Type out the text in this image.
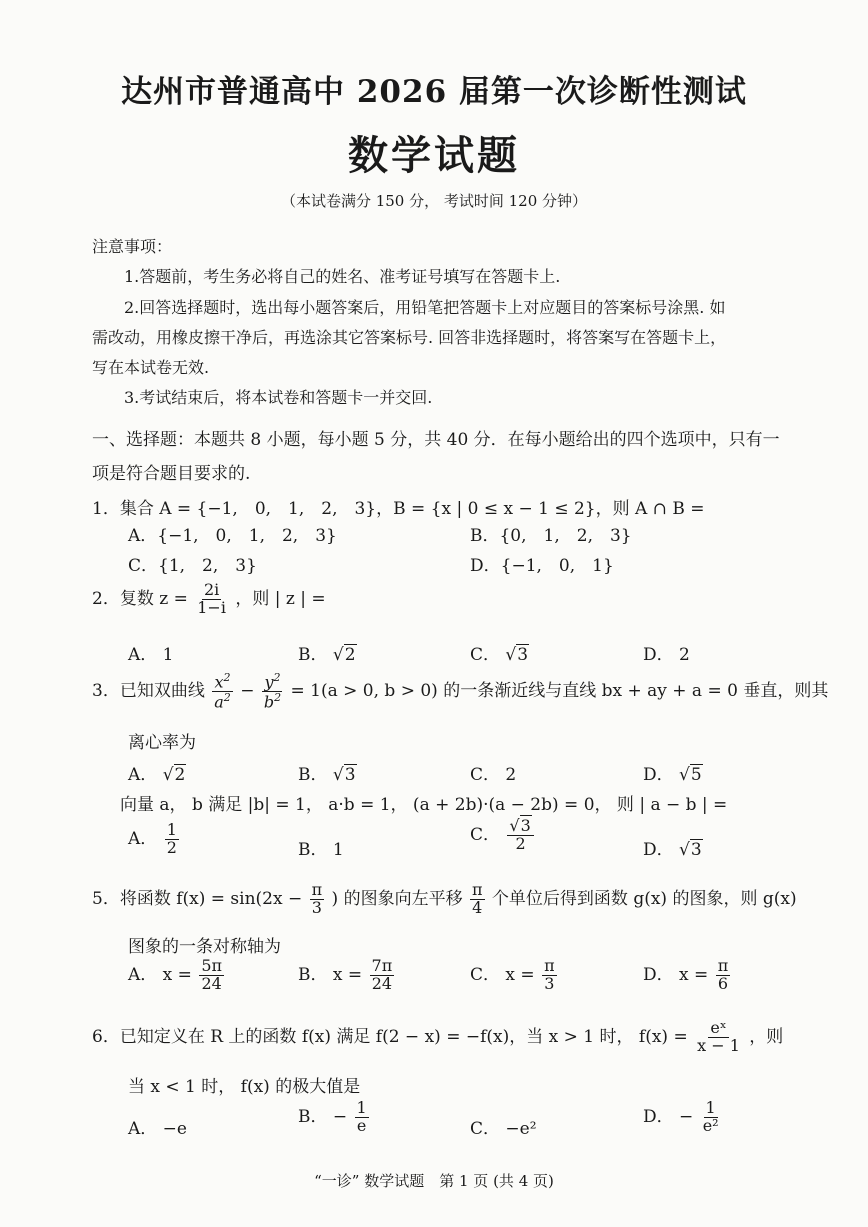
达州市普通高中 2026 届第一次诊断性测试
数学试题
（本试卷满分 150 分， 考试时间 120 分钟）
注意事项：
1.答题前，考生务必将自己的姓名、准考证号填写在答题卡上.
2.回答选择题时，选出每小题答案后，用铅笔把答题卡上对应题目的答案标号涂黑. 如
需改动，用橡皮擦干净后，再选涂其它答案标号. 回答非选择题时，将答案写在答题卡上，
写在本试卷无效.
3.考试结束后，将本试卷和答题卡一并交回.
一、选择题：本题共 8 小题，每小题 5 分，共 40 分．在每小题给出的四个选项中，只有一
项是符合题目要求的.
1．集合 A = {−1,　0,　1,　2,　3}，B = {x | 0 ≤ x − 1 ≤ 2}，则 A ∩ B =
A．{−1,　0,　1,　2,　3}	B．{0,　1,　2,　3}
C．{1,　2,　3}	D．{−1,　0,　1}
2．复数 $z = \frac{2i}{1-i}$ ，则 | z | =
A． 1	B． √2	C． √3	D． 2
3．已知双曲线 $\frac{x^2}{a^2} - \frac{y^2}{b^2} = 1(a > 0$, b > 0) 的一条渐近线与直线 bx + ay + a = 0 垂直，则其
离心率为
A． √2	B． √3	C． 2	D． √5
向量 a， b 满足 |b| = 1， a·b = 1， (a + 2b)·(a − 2b) = 0， 则 | a − b | =
A． $\frac{1}{2}$	B． 1
C． $\frac{√3}{2}$	D． √3
5．将函数 $f(x) = \sin(2x - \frac{\pi}{3}$ ) 的图象向左平移 $\frac{\pi}{4}$ 个单位后得到函数 g(x) 的图象，则 g(x)
图象的一条对称轴为
A． $x = \frac{5\pi}{24}$	B． $x = \frac{7\pi}{24}$	C． $x = \frac{\pi}{3}$	D． $x = \frac{\pi}{6}$
6．已知定义在 R 上的函数 f(x) 满足 f(2 − x) = −f(x)，当 x > 1 时， $f(x) = \frac{\text{eˣ}}{x - 1}$ ，则
当 x < 1 时， f(x) 的极大值是
A． −e
B． − $\frac{1}{e}$	C． −e²
D． − $\frac{1}{\text{e²}}$
“一诊” 数学试题　第 1 页 (共 4 页)
